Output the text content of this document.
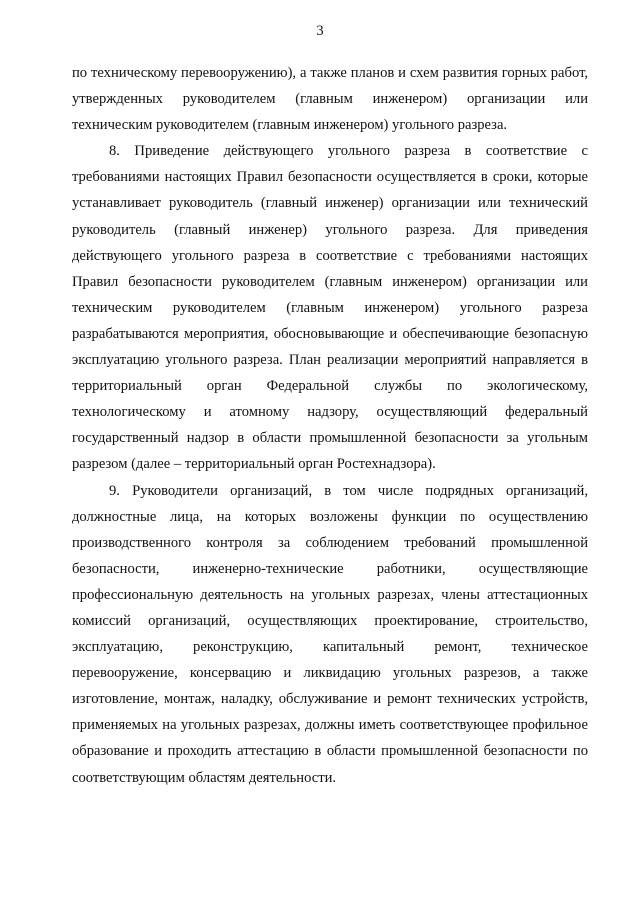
3

по техническому перевооружению), а также планов и схем развития горных работ, утвержденных руководителем (главным инженером) организации или техническим руководителем (главным инженером) угольного разреза.

8. Приведение действующего угольного разреза в соответствие с требованиями настоящих Правил безопасности осуществляется в сроки, которые устанавливает руководитель (главный инженер) организации или технический руководитель (главный инженер) угольного разреза. Для приведения действующего угольного разреза в соответствие с требованиями настоящих Правил безопасности руководителем (главным инженером) организации или техническим руководителем (главным инженером) угольного разреза разрабатываются мероприятия, обосновывающие и обеспечивающие безопасную эксплуатацию угольного разреза. План реализации мероприятий направляется в территориальный орган Федеральной службы по экологическому, технологическому и атомному надзору, осуществляющий федеральный государственный надзор в области промышленной безопасности за угольным разрезом (далее – территориальный орган Ростехнадзора).

9. Руководители организаций, в том числе подрядных организаций, должностные лица, на которых возложены функции по осуществлению производственного контроля за соблюдением требований промышленной безопасности, инженерно-технические работники, осуществляющие профессиональную деятельность на угольных разрезах, члены аттестационных комиссий организаций, осуществляющих проектирование, строительство, эксплуатацию, реконструкцию, капитальный ремонт, техническое перевооружение, консервацию и ликвидацию угольных разрезов, а также изготовление, монтаж, наладку, обслуживание и ремонт технических устройств, применяемых на угольных разрезах, должны иметь соответствующее профильное образование и проходить аттестацию в области промышленной безопасности по соответствующим областям деятельности.
